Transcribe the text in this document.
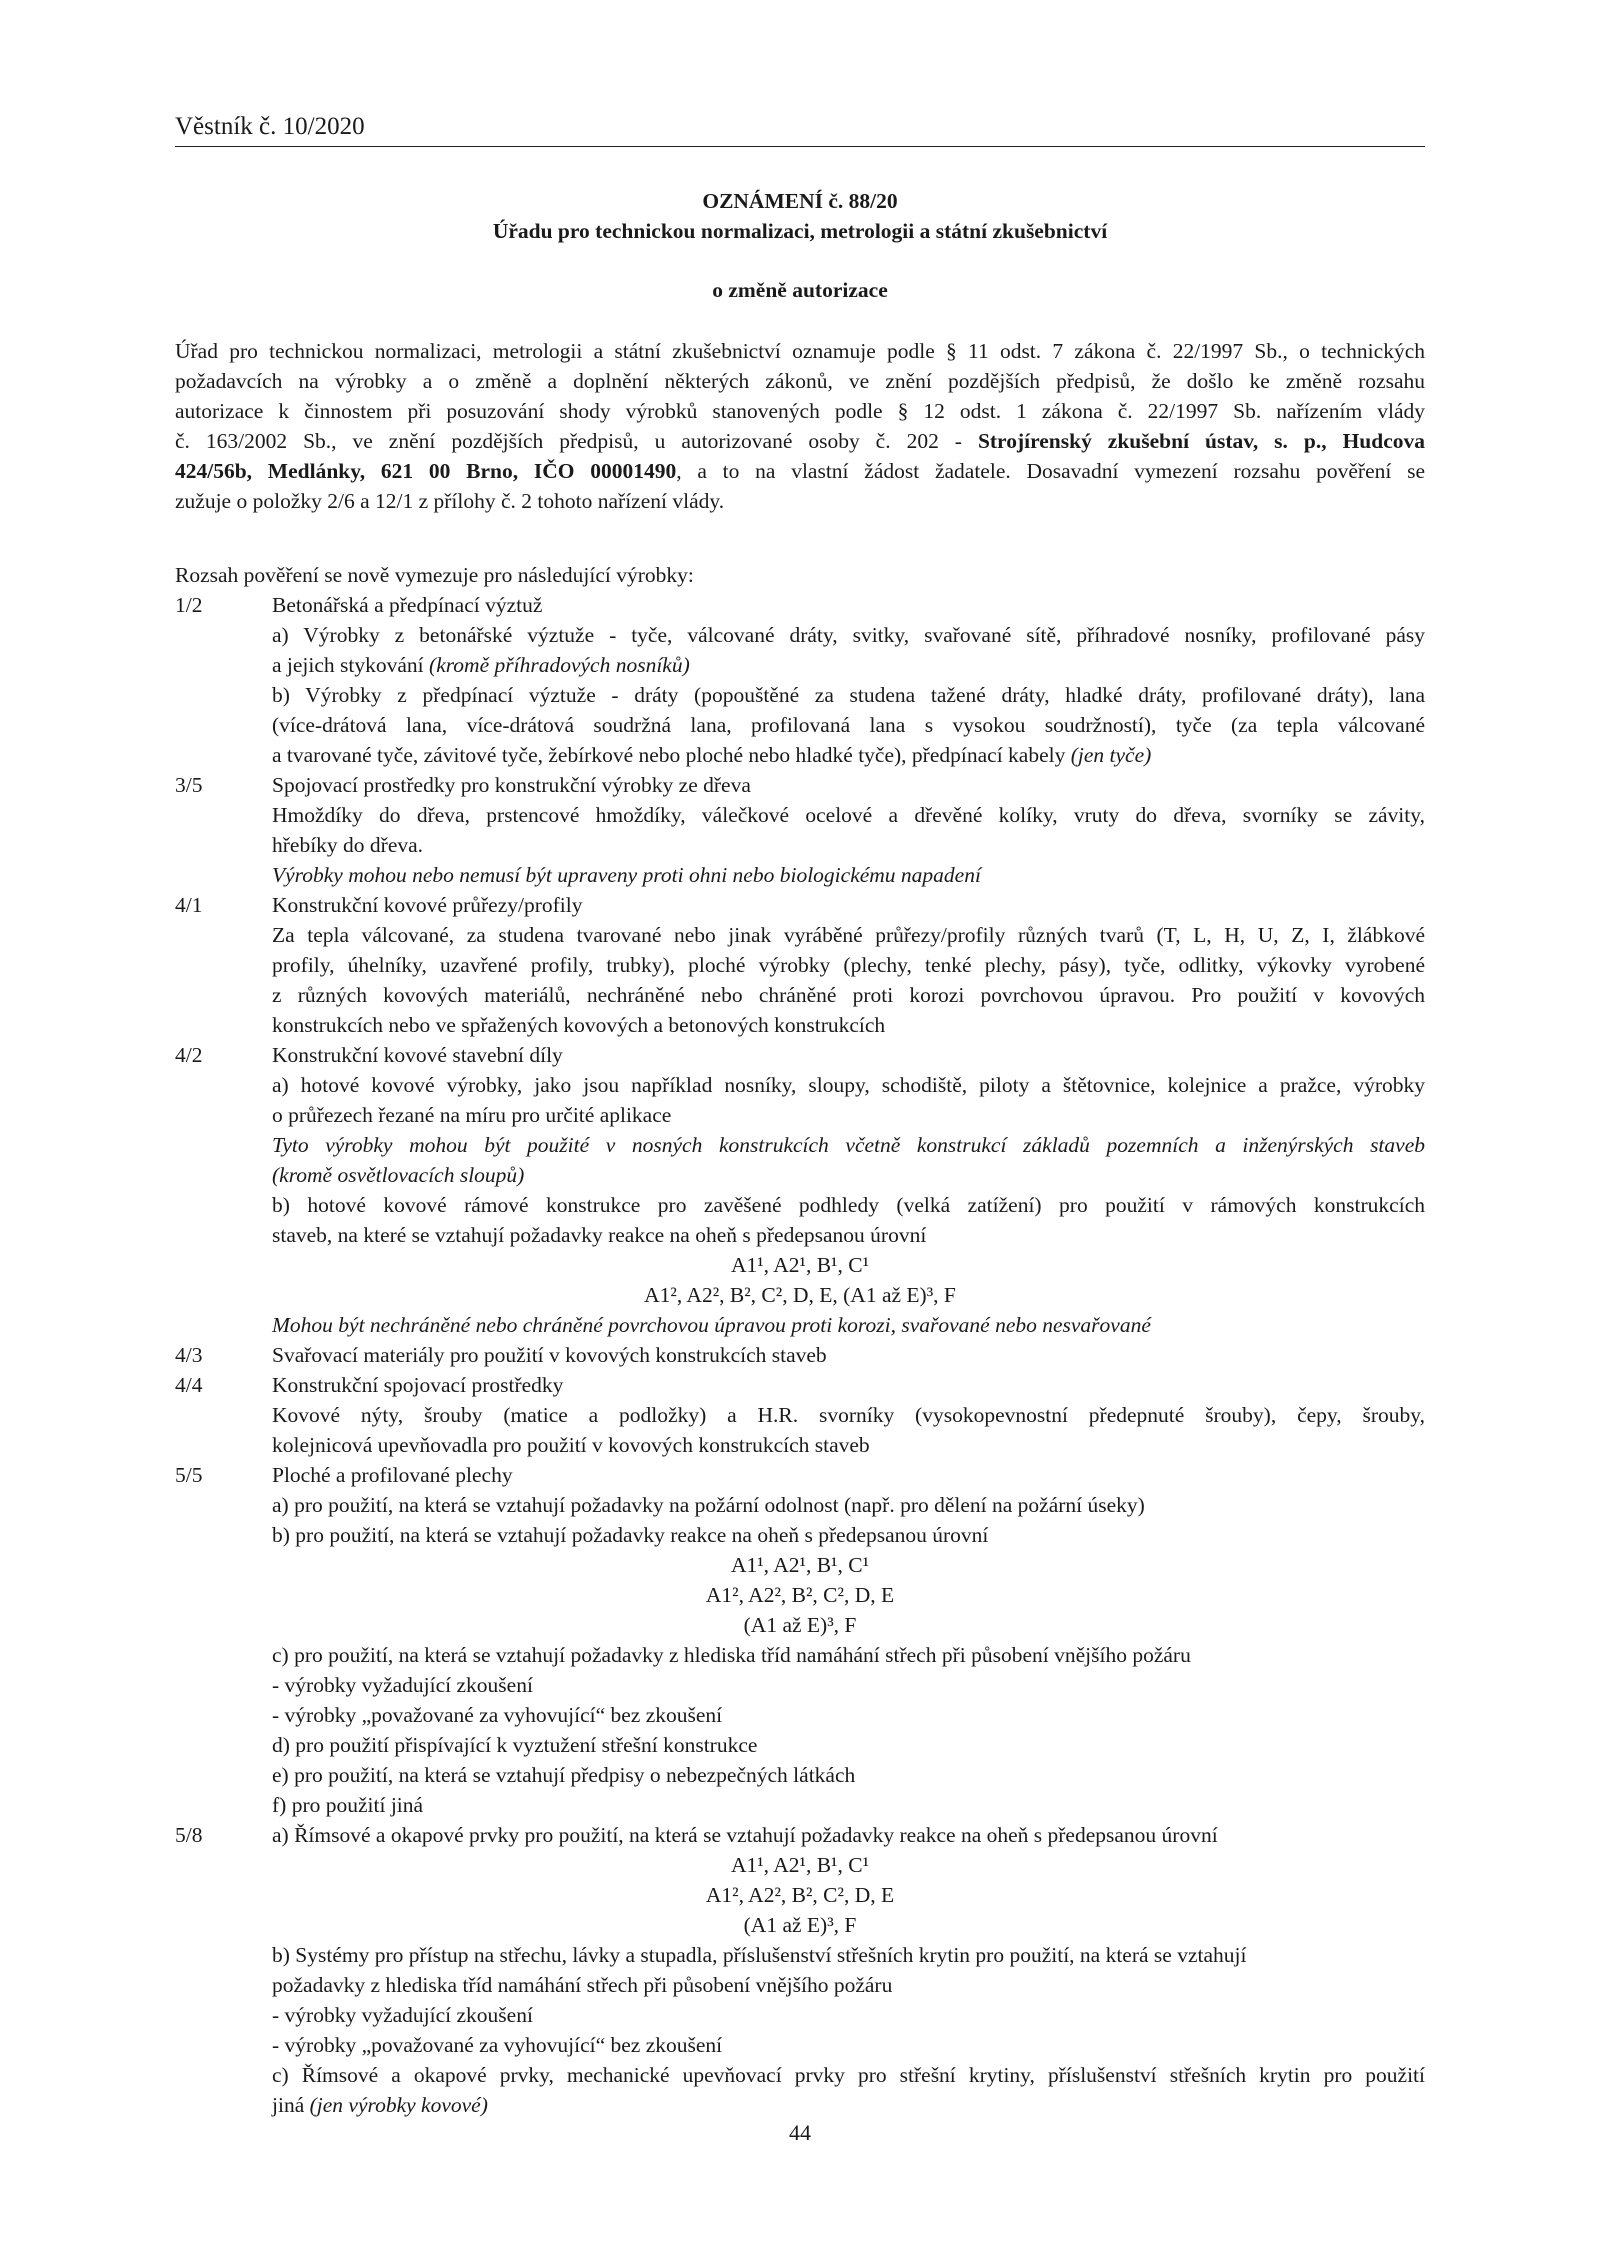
Věstník č. 10/2020
OZNÁMENÍ č. 88/20
Úřadu pro technickou normalizaci, metrologii a státní zkušebnictví
o změně autorizace
Úřad pro technickou normalizaci, metrologii a státní zkušebnictví oznamuje podle § 11 odst. 7 zákona č. 22/1997 Sb., o technických
požadavcích na výrobky a o změně a doplnění některých zákonů, ve znění pozdějších předpisů, že došlo ke změně rozsahu
autorizace k činnostem při posuzování shody výrobků stanovených podle § 12 odst. 1 zákona č. 22/1997 Sb. nařízením vlády
č. 163/2002 Sb., ve znění pozdějších předpisů, u autorizované osoby č. 202 - Strojírenský zkušební ústav, s. p., Hudcova
424/56b, Medlánky, 621 00 Brno, IČO 00001490, a to na vlastní žádost žadatele. Dosavadní vymezení rozsahu pověření se
zužuje o položky 2/6 a 12/1 z přílohy č. 2 tohoto nařízení vlády.
Rozsah pověření se nově vymezuje pro následující výrobky:
1/2	Betonářská a předpínací výztuž
a) Výrobky z betonářské výztuže - tyče, válcované dráty, svitky, svařované sítě, příhradové nosníky, profilované pásy
a jejich stykování (kromě příhradových nosníků)
b) Výrobky z předpínací výztuže - dráty (popouštěné za studena tažené dráty, hladké dráty, profilované dráty), lana
(více-drátová lana, více-drátová soudržná lana, profilovaná lana s vysokou soudržností), tyče (za tepla válcované
a tvarované tyče, závitové tyče, žebírkové nebo ploché nebo hladké tyče), předpínací kabely (jen tyče)
3/5	Spojovací prostředky pro konstrukční výrobky ze dřeva
Hmoždíky do dřeva, prstencové hmoždíky, válečkové ocelové a dřevěné kolíky, vruty do dřeva, svorníky se závity,
hřebíky do dřeva.
Výrobky mohou nebo nemusí být upraveny proti ohni nebo biologickému napadení
4/1	Konstrukční kovové průřezy/profily
Za tepla válcované, za studena tvarované nebo jinak vyráběné průřezy/profily různých tvarů (T, L, H, U, Z, I, žlábkové
profily, úhelníky, uzavřené profily, trubky), ploché výrobky (plechy, tenké plechy, pásy), tyče, odlitky, výkovky vyrobené
z různých kovových materiálů, nechráněné nebo chráněné proti korozi povrchovou úpravou. Pro použití v kovových
konstrukcích nebo ve spřažených kovových a betonových konstrukcích
4/2	Konstrukční kovové stavební díly
a) hotové kovové výrobky, jako jsou například nosníky, sloupy, schodiště, piloty a štětovnice, kolejnice a pražce, výrobky
o průřezech řezané na míru pro určité aplikace
Tyto výrobky mohou být použité v nosných konstrukcích včetně konstrukcí základů pozemních a inženýrských staveb
(kromě osvětlovacích sloupů)
b) hotové kovové rámové konstrukce pro zavěšené podhledy (velká zatížení) pro použití v rámových konstrukcích
staveb, na které se vztahují požadavky reakce na oheň s předepsanou úrovní
A1¹, A2¹, B¹, C¹
A1², A2², B², C², D, E, (A1 až E)³, F
Mohou být nechráněné nebo chráněné povrchovou úpravou proti korozi, svařované nebo nesvařované
4/3	Svařovací materiály pro použití v kovových konstrukcích staveb
4/4	Konstrukční spojovací prostředky
Kovové nýty, šrouby (matice a podložky) a H.R. svorníky (vysokopevnostní předepnuté šrouby), čepy, šrouby,
kolejnicová upevňovadla pro použití v kovových konstrukcích staveb
5/5	Ploché a profilované plechy
a) pro použití, na která se vztahují požadavky na požární odolnost (např. pro dělení na požární úseky)
b) pro použití, na která se vztahují požadavky reakce na oheň s předepsanou úrovní
A1¹, A2¹, B¹, C¹
A1², A2², B², C², D, E
(A1 až E)³, F
c) pro použití, na která se vztahují požadavky z hlediska tříd namáhání střech při působení vnějšího požáru
- výrobky vyžadující zkoušení
- výrobky „považované za vyhovující“ bez zkoušení
d) pro použití přispívající k vyztužení střešní konstrukce
e) pro použití, na která se vztahují předpisy o nebezpečných látkách
f) pro použití jiná
5/8	a) Římsové a okapové prvky pro použití, na která se vztahují požadavky reakce na oheň s předepsanou úrovní
A1¹, A2¹, B¹, C¹
A1², A2², B², C², D, E
(A1 až E)³, F
b) Systémy pro přístup na střechu, lávky a stupadla, příslušenství střešních krytin pro použití, na která se vztahují
požadavky z hlediska tříd namáhání střech při působení vnějšího požáru
- výrobky vyžadující zkoušení
- výrobky „považované za vyhovující“ bez zkoušení
c) Římsové a okapové prvky, mechanické upevňovací prvky pro střešní krytiny, příslušenství střešních krytin pro použití
jiná (jen výrobky kovové)
44
